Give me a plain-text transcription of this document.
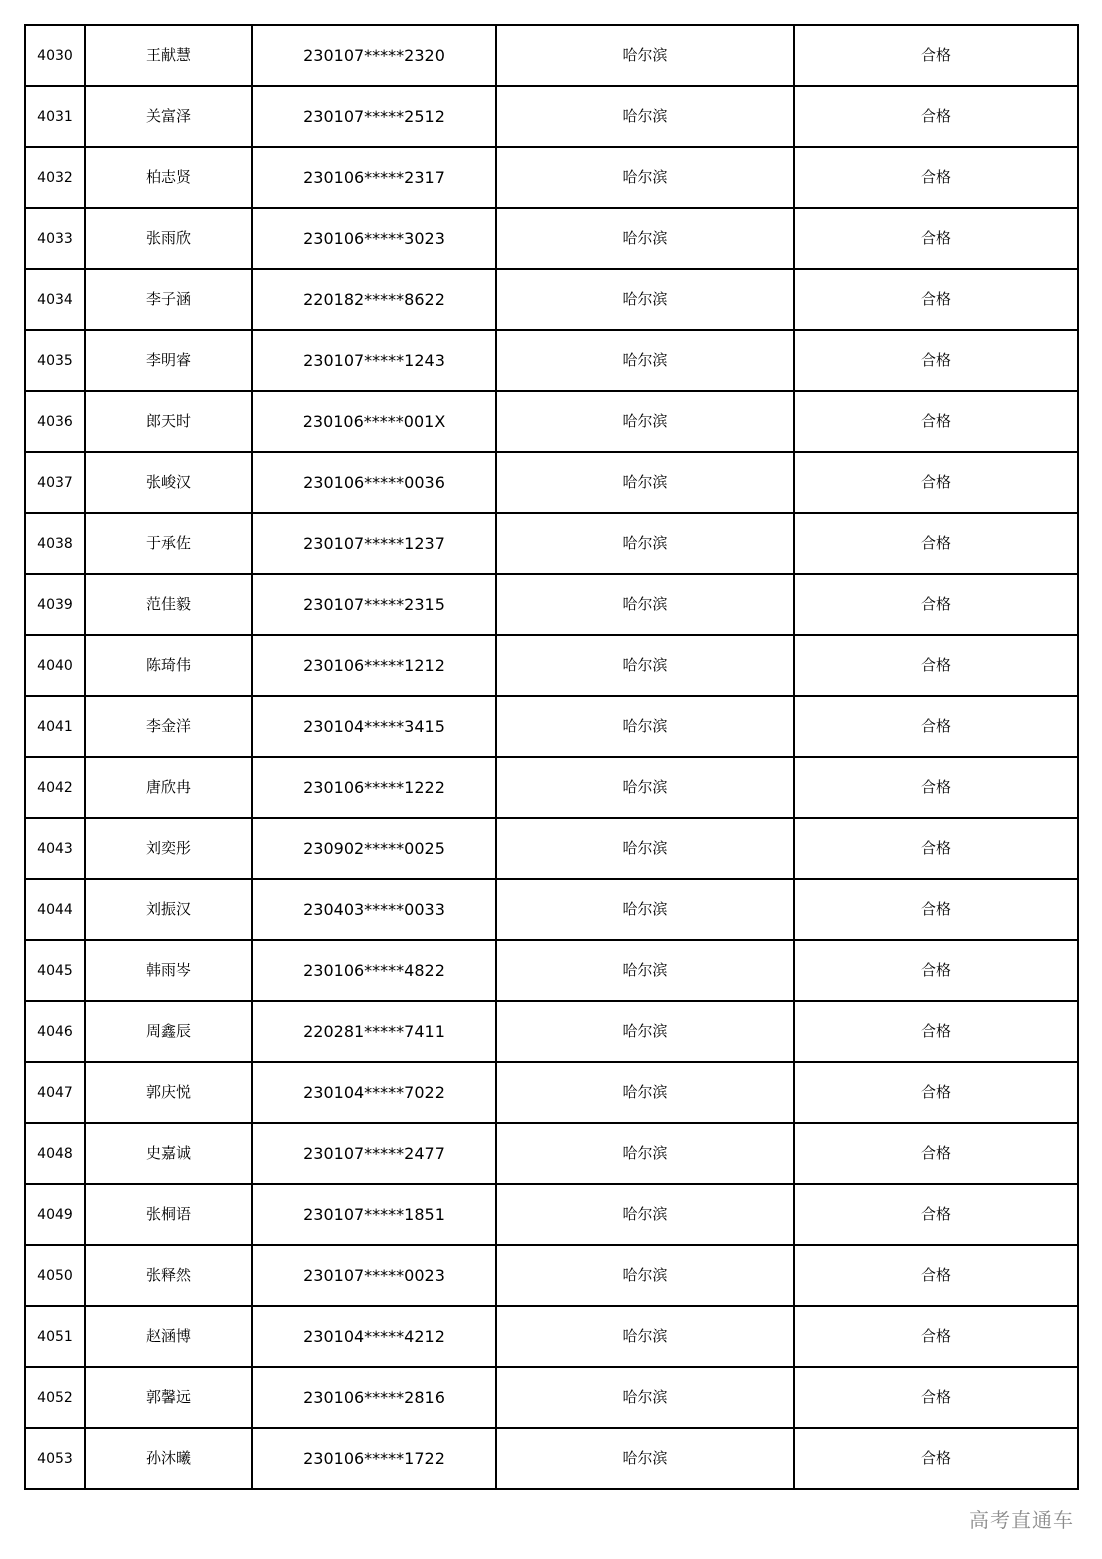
4030	王献慧	230107*****2320	哈尔滨	合格
4031	关富泽	230107*****2512	哈尔滨	合格
4032	柏志贤	230106*****2317	哈尔滨	合格
4033	张雨欣	230106*****3023	哈尔滨	合格
4034	李子涵	220182*****8622	哈尔滨	合格
4035	李明睿	230107*****1243	哈尔滨	合格
4036	郎天时	230106*****001X	哈尔滨	合格
4037	张峻汉	230106*****0036	哈尔滨	合格
4038	于承佐	230107*****1237	哈尔滨	合格
4039	范佳毅	230107*****2315	哈尔滨	合格
4040	陈琦伟	230106*****1212	哈尔滨	合格
4041	李金洋	230104*****3415	哈尔滨	合格
4042	唐欣冉	230106*****1222	哈尔滨	合格
4043	刘奕彤	230902*****0025	哈尔滨	合格
4044	刘振汉	230403*****0033	哈尔滨	合格
4045	韩雨岑	230106*****4822	哈尔滨	合格
4046	周鑫辰	220281*****7411	哈尔滨	合格
4047	郭庆悦	230104*****7022	哈尔滨	合格
4048	史嘉诚	230107*****2477	哈尔滨	合格
4049	张桐语	230107*****1851	哈尔滨	合格
4050	张释然	230107*****0023	哈尔滨	合格
4051	赵涵博	230104*****4212	哈尔滨	合格
4052	郭馨远	230106*****2816	哈尔滨	合格
4053	孙沐曦	230106*****1722	哈尔滨	合格
高考直通车
